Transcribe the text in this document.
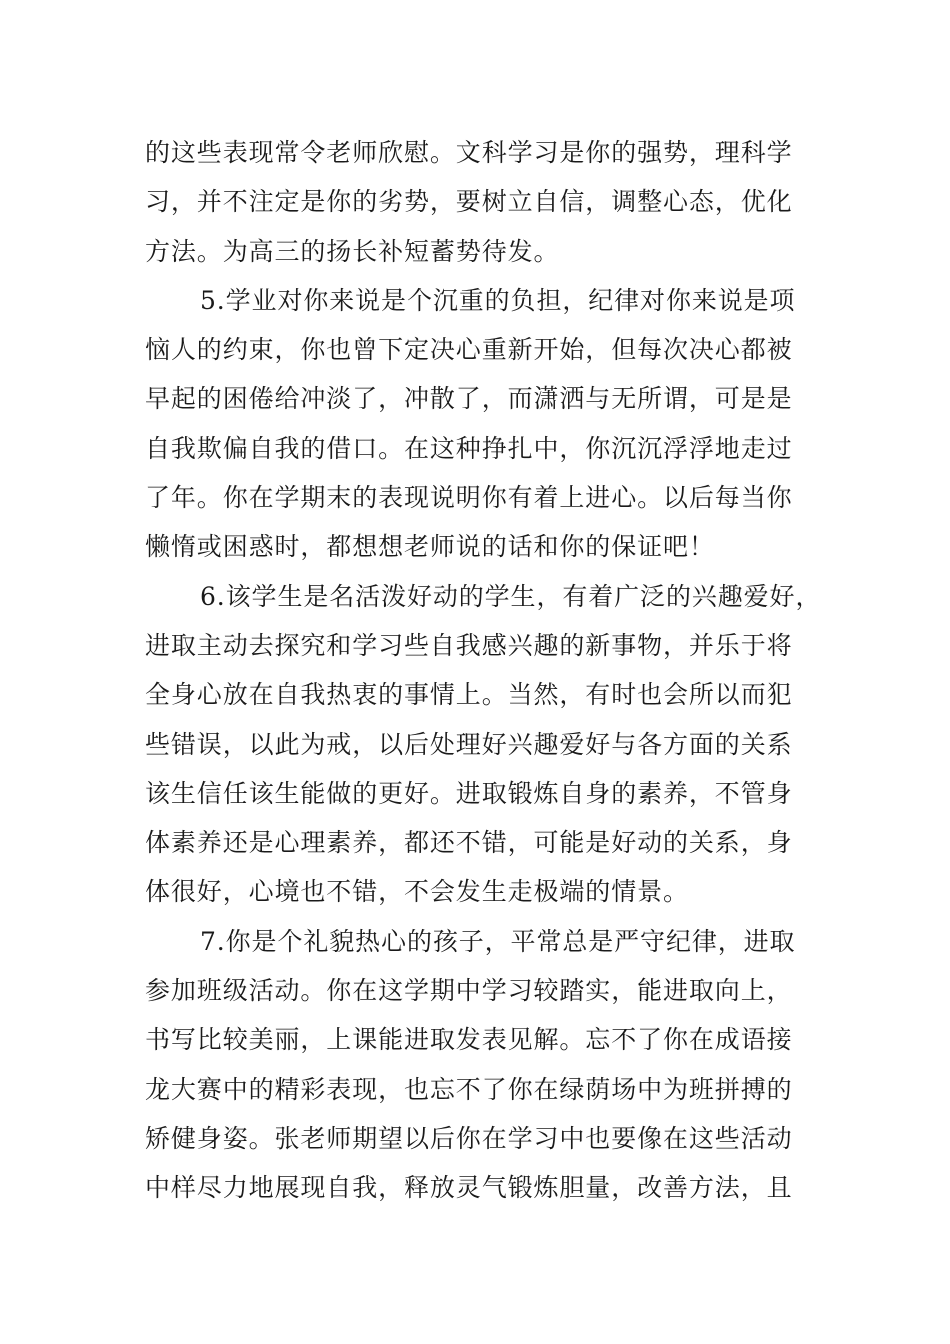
的这些表现常令老师欣慰。文科学习是你的强势，理科学
习，并不注定是你的劣势，要树立自信，调整心态，优化
方法。为高三的扬长补短蓄势待发。
5.学业对你来说是个沉重的负担，纪律对你来说是项
恼人的约束，你也曾下定决心重新开始，但每次决心都被
早起的困倦给冲淡了，冲散了，而潇洒与无所谓，可是是
自我欺偏自我的借口。在这种挣扎中，你沉沉浮浮地走过
了年。你在学期末的表现说明你有着上进心。以后每当你
懒惰或困惑时，都想想老师说的话和你的保证吧！
6.该学生是名活泼好动的学生，有着广泛的兴趣爱好，
进取主动去探究和学习些自我感兴趣的新事物，并乐于将
全身心放在自我热衷的事情上。当然，有时也会所以而犯
些错误，以此为戒，以后处理好兴趣爱好与各方面的关系
该生信任该生能做的更好。进取锻炼自身的素养，不管身
体素养还是心理素养，都还不错，可能是好动的关系，身
体很好，心境也不错，不会发生走极端的情景。
7.你是个礼貌热心的孩子，平常总是严守纪律，进取
参加班级活动。你在这学期中学习较踏实，能进取向上，
书写比较美丽，上课能进取发表见解。忘不了你在成语接
龙大赛中的精彩表现，也忘不了你在绿荫场中为班拼搏的
矫健身姿。张老师期望以后你在学习中也要像在这些活动
中样尽力地展现自我，释放灵气锻炼胆量，改善方法，且
